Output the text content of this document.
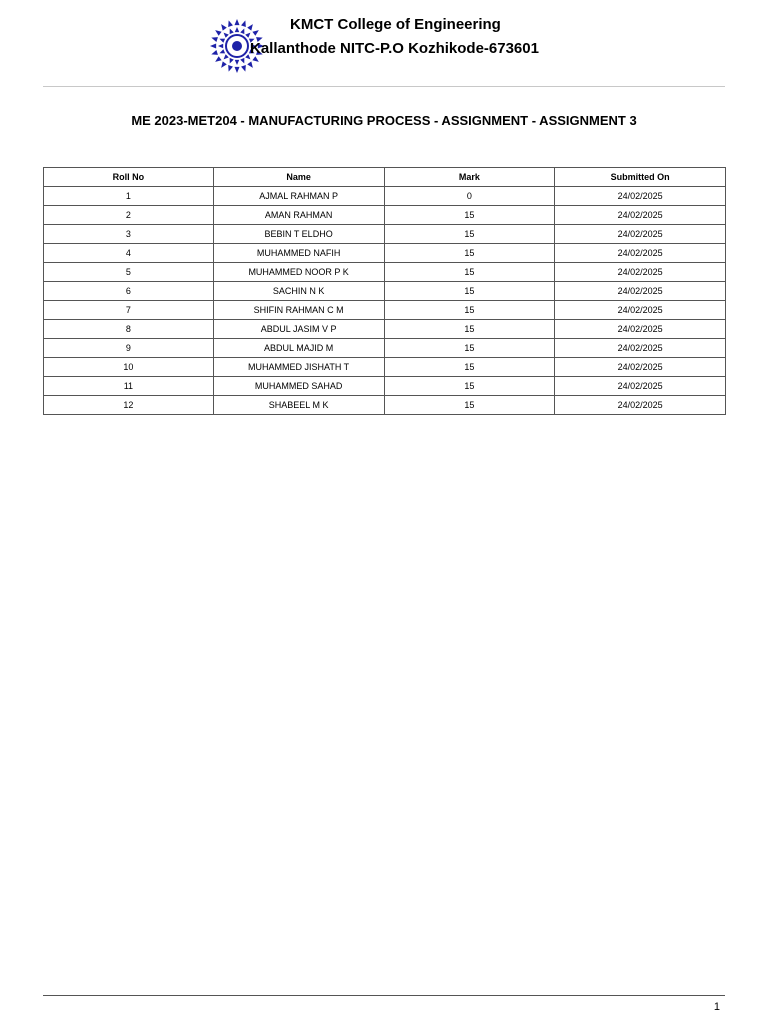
KMCT College of Engineering
Kallanthode NITC-P.O Kozhikode-673601
ME 2023-MET204 - MANUFACTURING PROCESS - ASSIGNMENT - ASSIGNMENT 3
Roll No	Name	Mark	Submitted On
1	AJMAL RAHMAN P	0	24/02/2025
2	AMAN RAHMAN	15	24/02/2025
3	BEBIN T ELDHO	15	24/02/2025
4	MUHAMMED NAFIH	15	24/02/2025
5	MUHAMMED NOOR P K	15	24/02/2025
6	SACHIN N K	15	24/02/2025
7	SHIFIN RAHMAN C M	15	24/02/2025
8	ABDUL JASIM V P	15	24/02/2025
9	ABDUL MAJID M	15	24/02/2025
10	MUHAMMED JISHATH T	15	24/02/2025
11	MUHAMMED SAHAD	15	24/02/2025
12	SHABEEL M K	15	24/02/2025
1
